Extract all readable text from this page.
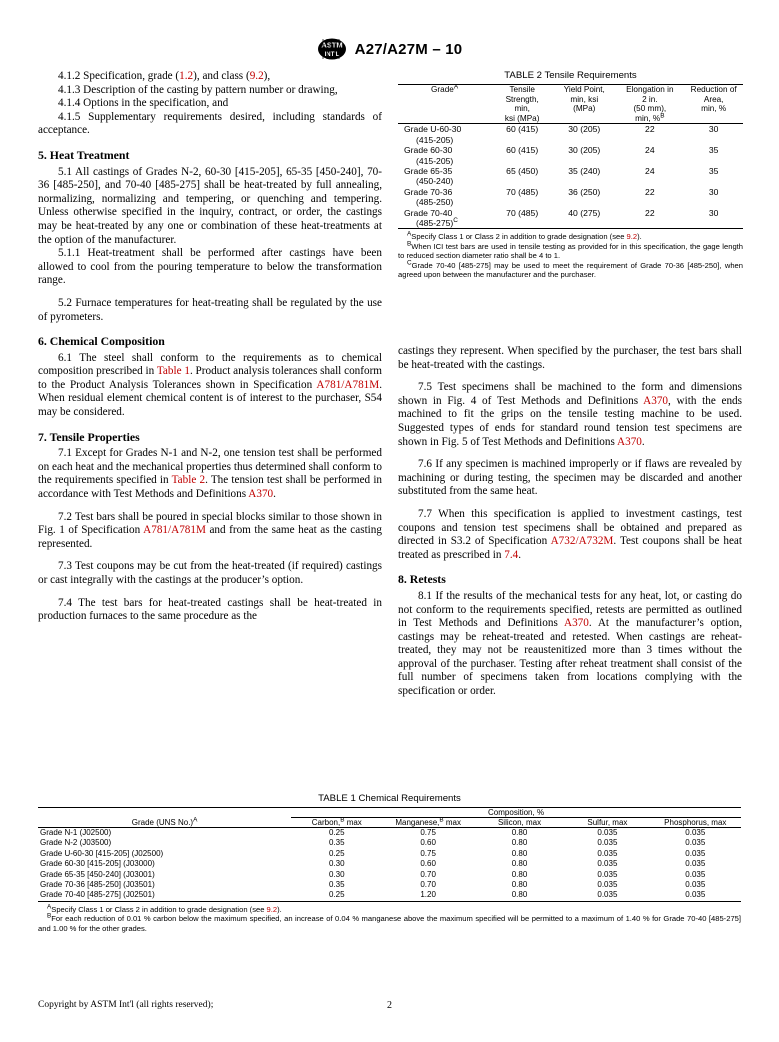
ASTM
INT'L A27/A27M – 10

4.1.2 Specification, grade (1.2), and class (9.2),

4.1.3 Description of the casting by pattern number or drawing,

4.1.4 Options in the specification, and

4.1.5 Supplementary requirements desired, including standards of acceptance.

5. Heat Treatment

5.1 All castings of Grades N-2, 60-30 [415-205], 65-35 [450-240], 70-36 [485-250], and 70-40 [485-275] shall be heat-treated by full annealing, normalizing, normalizing and tempering, or quenching and tempering. Unless otherwise specified in the inquiry, contract, or order, the castings may be heat-treated by any one or combination of these heat-treatments at the option of the manufacturer.

5.1.1 Heat-treatment shall be performed after castings have been allowed to cool from the pouring temperature to below the transformation range.

5.2 Furnace temperatures for heat-treating shall be regulated by the use of pyrometers.

6. Chemical Composition

6.1 The steel shall conform to the requirements as to chemical composition prescribed in Table 1. Product analysis tolerances shall conform to the Product Analysis Tolerances shown in Specification A781/A781M. When residual element chemical content is of interest to the purchaser, S54 may be considered.

7. Tensile Properties

7.1 Except for Grades N-1 and N-2, one tension test shall be performed on each heat and the mechanical properties thus determined shall conform to the requirements specified in Table 2. The tension test shall be performed in accordance with Test Methods and Definitions A370.

7.2 Test bars shall be poured in special blocks similar to those shown in Fig. 1 of Specification A781/A781M and from the same heat as the casting represented.

7.3 Test coupons may be cut from the heat-treated (if required) castings or cast integrally with the castings at the producer’s option.

7.4 The test bars for heat-treated castings shall be heat-treated in production furnaces to the same procedure as the

TABLE 2 Tensile Requirements
Grade$^A$	Tensile
Strength,
min,
ksi (MPa)	Yield Point,
min, ksi
(MPa)	Elongation in
2 in.
(50 mm),
min, %$^B$	Reduction of
Area,
min, %
Grade U-60-30	60 (415)	30 (205)	22	30
(415-205)				
Grade 60-30	60 (415)	30 (205)	24	35
(415-205)				
Grade 65-35	65 (450)	35 (240)	24	35
(450-240)				
Grade 70-36	70 (485)	36 (250)	22	30
(485-250)				
Grade 70-40	70 (485)	40 (275)	22	30
(485-275)$^C$	

$^A$Specify Class 1 or Class 2 in addition to grade designation (see 9.2).

$^B$When ICI test bars are used in tensile testing as provided for in this specification, the gage length to reduced section diameter ratio shall be 4 to 1.

$^C$Grade 70-40 [485-275] may be used to meet the requirement of Grade 70-36 [485-250], when agreed upon between the manufacturer and the purchaser.

castings they represent. When specified by the purchaser, the test bars shall be heat-treated with the castings.

7.5 Test specimens shall be machined to the form and dimensions shown in Fig. 4 of Test Methods and Definitions A370, with the ends machined to fit the grips on the tensile testing machine to be used. Suggested types of ends for standard round tension test specimens are shown in Fig. 5 of Test Methods and Definitions A370.

7.6 If any specimen is machined improperly or if flaws are revealed by machining or during testing, the specimen may be discarded and another substituted from the same heat.

7.7 When this specification is applied to investment castings, test coupons and tension test specimens shall be obtained and prepared as directed in S3.2 of Specification A732/A732M. Test coupons shall be heat treated as prescribed in 7.4.

8. Retests

8.1 If the results of the mechanical tests for any heat, lot, or casting do not conform to the requirements specified, retests are permitted as outlined in Test Methods and Definitions A370. At the manufacturer’s option, castings may be reheat-treated and retested. When castings are reheat-treated, they may not be reaustenitized more than 3 times without the approval of the purchaser. Testing after reheat treatment shall consist of the full number of specimens taken from locations complying with the specification or order.

TABLE 1 Chemical Requirements
Grade (UNS No.)$^A$	Composition, %				
	Carbon,$^B$ max	Manganese,$^B$ max	Silicon, max	Sulfur, max	Phosphorus, max
Grade N-1 (J02500)	0.25	0.75	0.80	0.035	0.035
Grade N-2 (J03500)	0.35	0.60	0.80	0.035	0.035
Grade U-60-30 [415-205] (J02500)	0.25	0.75	0.80	0.035	0.035
Grade 60-30 [415-205] (J03000)	0.30	0.60	0.80	0.035	0.035
Grade 65-35 [450-240] (J03001)	0.30	0.70	0.80	0.035	0.035
Grade 70-36 [485-250] (J03501)	0.35	0.70	0.80	0.035	0.035
Grade 70-40 [485-275] (J02501)	0.25	1.20	0.80	0.035	0.035

$^A$Specify Class 1 or Class 2 in addition to grade designation (see 9.2).

$^B$For each reduction of 0.01 % carbon below the maximum specified, an increase of 0.04 % manganese above the maximum specified will be permitted to a maximum of 1.40 % for Grade 70-40 [485-275] and 1.00 % for the other grades.

Copyright by ASTM Int'l (all rights reserved);	2
